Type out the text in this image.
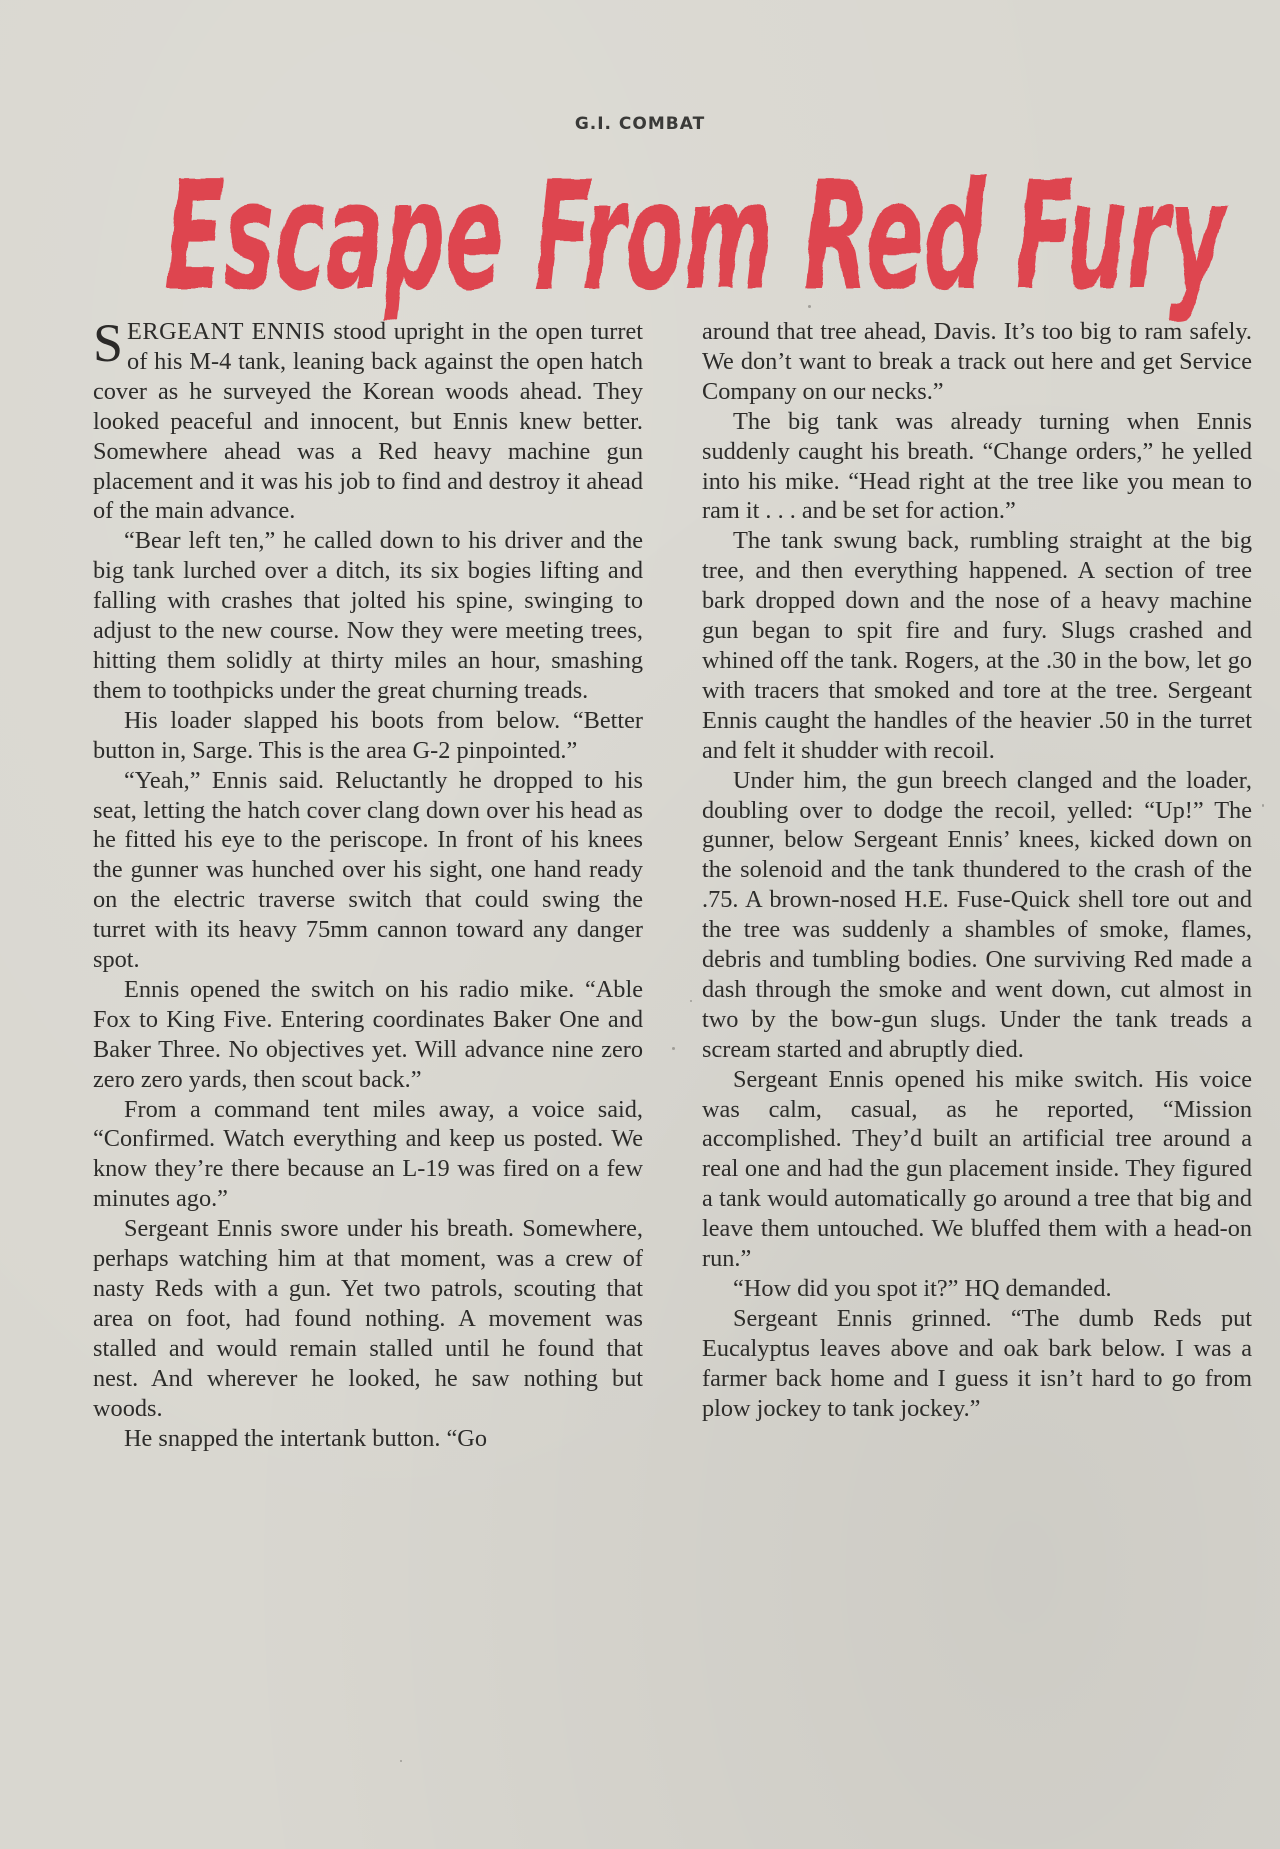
G.I. COMBAT
Escape From Red Fury

SERGEANT ENNIS stood upright in the open turret of his M-4 tank, leaning back against the open hatch cover as he surveyed the Korean woods ahead. They looked peaceful and innocent, but Ennis knew better. Somewhere ahead was a Red heavy machine gun placement and it was his job to find and destroy it ahead of the main advance.

“Bear left ten,” he called down to his driver and the big tank lurched over a ditch, its six bogies lifting and falling with crashes that jolted his spine, swinging to adjust to the new course. Now they were meeting trees, hitting them solidly at thirty miles an hour, smashing them to toothpicks under the great churning treads.

His loader slapped his boots from below. “Better button in, Sarge. This is the area G-2 pinpointed.”

“Yeah,” Ennis said. Reluctantly he dropped to his seat, letting the hatch cover clang down over his head as he fitted his eye to the periscope. In front of his knees the gunner was hunched over his sight, one hand ready on the electric traverse switch that could swing the turret with its heavy 75mm cannon toward any danger spot.

Ennis opened the switch on his radio mike. “Able Fox to King Five. Entering coordinates Baker One and Baker Three. No objectives yet. Will advance nine zero zero zero yards, then scout back.”

From a command tent miles away, a voice said, “Confirmed. Watch everything and keep us posted. We know they’re there because an L-19 was fired on a few minutes ago.”

Sergeant Ennis swore under his breath. Somewhere, perhaps watching him at that moment, was a crew of nasty Reds with a gun. Yet two patrols, scouting that area on foot, had found nothing. A movement was stalled and would remain stalled until he found that nest. And wherever he looked, he saw nothing but woods.

He snapped the intertank button. “Go

around that tree ahead, Davis. It’s too big to ram safely. We don’t want to break a track out here and get Service Company on our necks.”

The big tank was already turning when Ennis suddenly caught his breath. “Change orders,” he yelled into his mike. “Head right at the tree like you mean to ram it . . . and be set for action.”

The tank swung back, rumbling straight at the big tree, and then everything happened. A section of tree bark dropped down and the nose of a heavy machine gun began to spit fire and fury. Slugs crashed and whined off the tank. Rogers, at the .30 in the bow, let go with tracers that smoked and tore at the tree. Sergeant Ennis caught the handles of the heavier .50 in the turret and felt it shudder with recoil.

Under him, the gun breech clanged and the loader, doubling over to dodge the recoil, yelled: “Up!” The gunner, below Sergeant Ennis’ knees, kicked down on the solenoid and the tank thundered to the crash of the .75. A brown-nosed H.E. Fuse-Quick shell tore out and the tree was suddenly a shambles of smoke, flames, debris and tumbling bodies. One surviving Red made a dash through the smoke and went down, cut almost in two by the bow-gun slugs. Under the tank treads a scream started and abruptly died.

Sergeant Ennis opened his mike switch. His voice was calm, casual, as he reported, “Mission accomplished. They’d built an artificial tree around a real one and had the gun placement inside. They figured a tank would automatically go around a tree that big and leave them untouched. We bluffed them with a head-on run.”

“How did you spot it?” HQ demanded.

Sergeant Ennis grinned. “The dumb Reds put Eucalyptus leaves above and oak bark below. I was a farmer back home and I guess it isn’t hard to go from plow jockey to tank jockey.”
